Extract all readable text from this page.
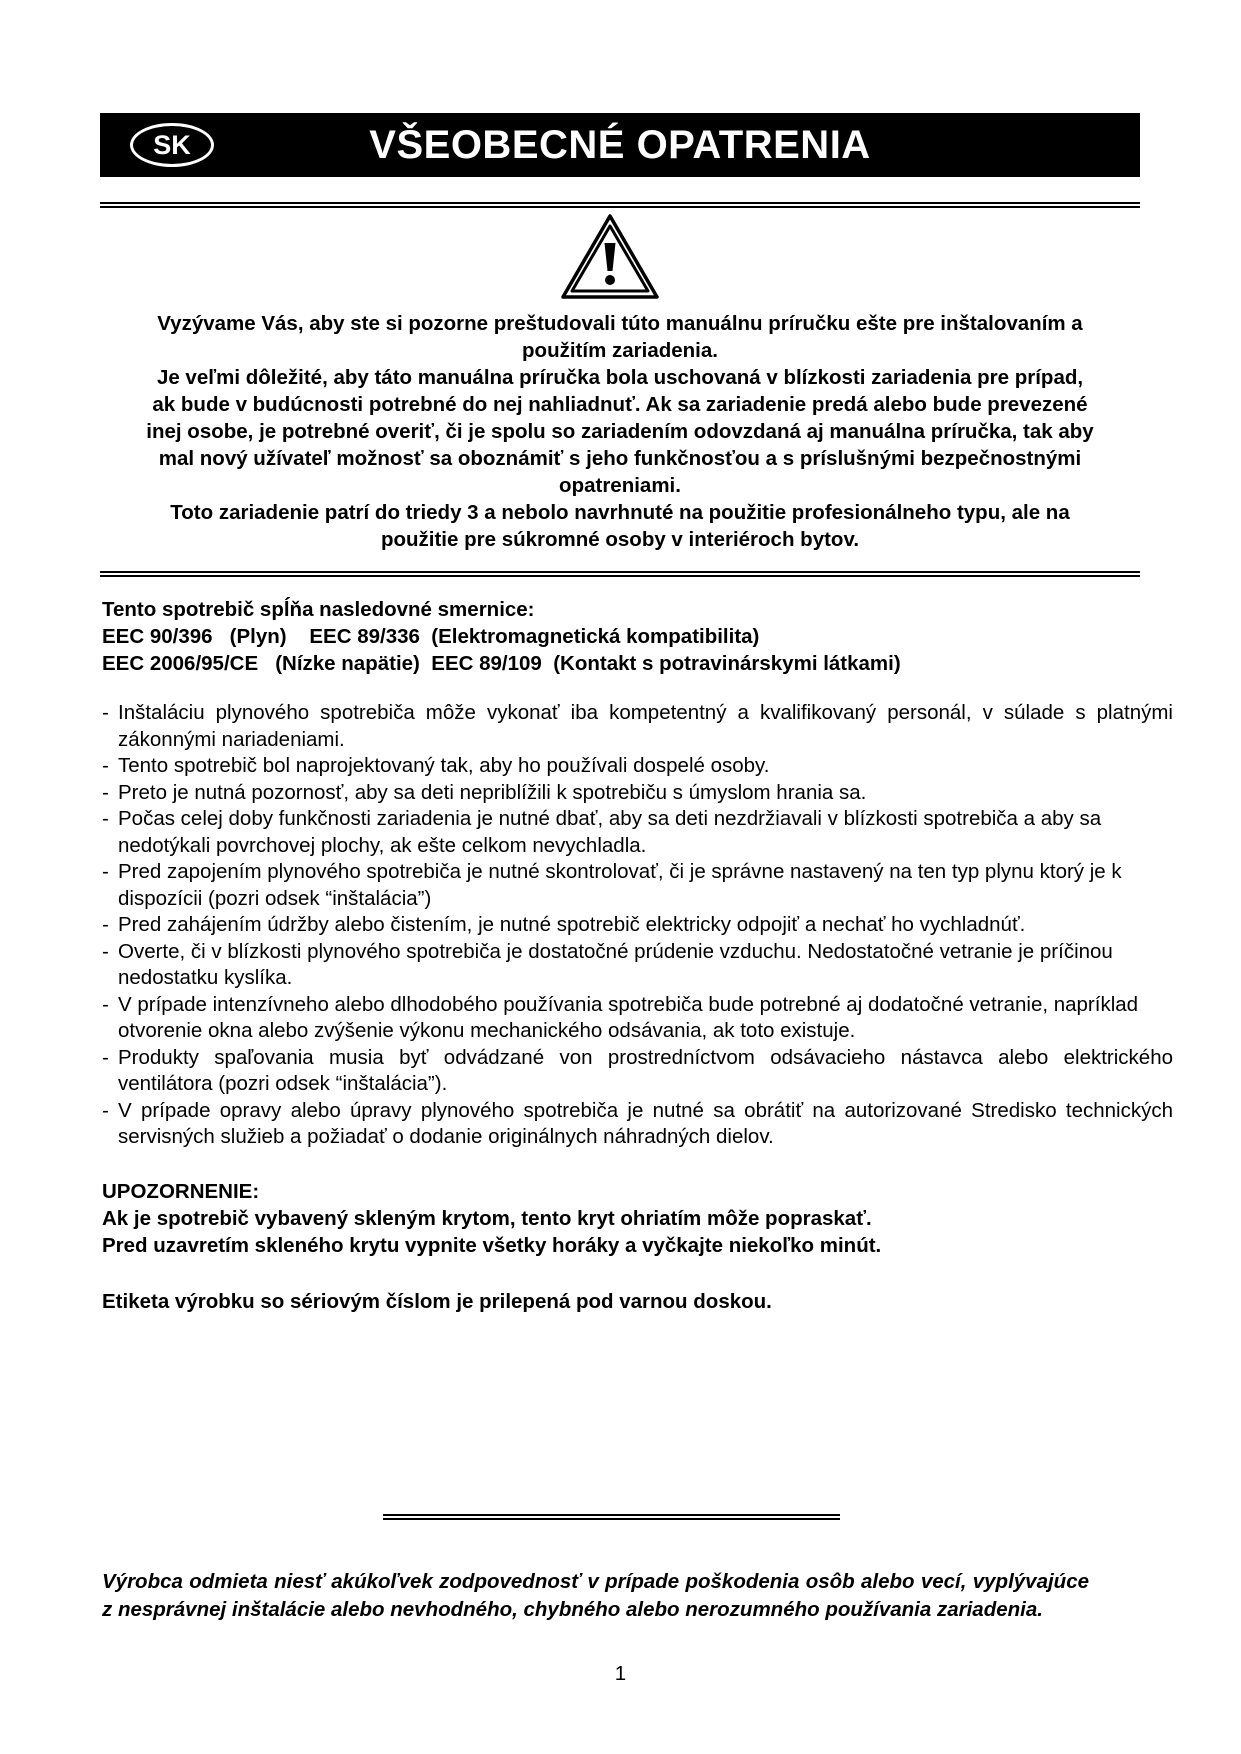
SK	VŠEOBECNÉ OPATRENIA
Vyzývame Vás, aby ste si pozorne preštudovali túto manuálnu príručku ešte pre inštalovaním a
použitím zariadenia.
Je veľmi dôležité, aby táto manuálna príručka bola uschovaná v blízkosti zariadenia pre prípad,
ak bude v budúcnosti potrebné do nej nahliadnuť. Ak sa zariadenie predá alebo bude prevezené
inej osobe, je potrebné overiť, či je spolu so zariadením odovzdaná aj manuálna príručka, tak aby
mal nový užívateľ možnosť sa oboznámiť s jeho funkčnosťou a s príslušnými bezpečnostnými
opatreniami.
Toto zariadenie patrí do triedy 3 a nebolo navrhnuté na použitie profesionálneho typu, ale na
použitie pre súkromné osoby v interiéroch bytov.
Tento spotrebič spĺňa nasledovné smernice:
EEC 90/396   (Plyn)    EEC 89/336  (Elektromagnetická kompatibilita)
EEC 2006/95/CE   (Nízke napätie)  EEC 89/109  (Kontakt s potravinárskymi látkami)
- Inštaláciu plynového spotrebiča môže vykonať iba kompetentný a kvalifikovaný personál, v súlade s platnými zákonnými nariadeniami.
- Tento spotrebič bol naprojektovaný tak, aby ho používali dospelé osoby.
- Preto je nutná pozornosť, aby sa deti nepriblížili k spotrebiču s úmyslom hrania sa.
- Počas celej doby funkčnosti zariadenia je nutné dbať, aby sa deti nezdržiavali v blízkosti spotrebiča a aby sa nedotýkali povrchovej plochy, ak ešte celkom nevychladla.
- Pred zapojením plynového spotrebiča je nutné skontrolovať, či je správne nastavený na ten typ plynu ktorý je k dispozícii (pozri odsek “inštalácia”)
- Pred zahájením údržby alebo čistením, je nutné spotrebič elektricky odpojiť a nechať ho vychladnúť.
- Overte, či v blízkosti plynového spotrebiča je dostatočné prúdenie vzduchu. Nedostatočné vetranie je príčinou nedostatku kyslíka.
- V prípade intenzívneho alebo dlhodobého používania spotrebiča bude potrebné aj dodatočné vetranie, napríklad otvorenie okna alebo zvýšenie výkonu mechanického odsávania, ak toto existuje.
- Produkty spaľovania musia byť odvádzané von prostredníctvom odsávacieho nástavca alebo elektrického ventilátora (pozri odsek “inštalácia”).
- V prípade opravy alebo úpravy plynového spotrebiča je nutné sa obrátiť na autorizované Stredisko technických servisných služieb a požiadať o dodanie originálnych náhradných dielov.
UPOZORNENIE:
Ak je spotrebič vybavený skleným krytom, tento kryt ohriatím môže popraskať.
Pred uzavretím skleného krytu vypnite všetky horáky a vyčkajte niekoľko minút.
Etiketa výrobku so sériovým číslom je prilepená pod varnou doskou.
Výrobca odmieta niesť akúkoľvek zodpovednosť v prípade poškodenia osôb alebo vecí, vyplývajúce z nesprávnej inštalácie alebo nevhodného, chybného alebo nerozumného používania zariadenia.
1
